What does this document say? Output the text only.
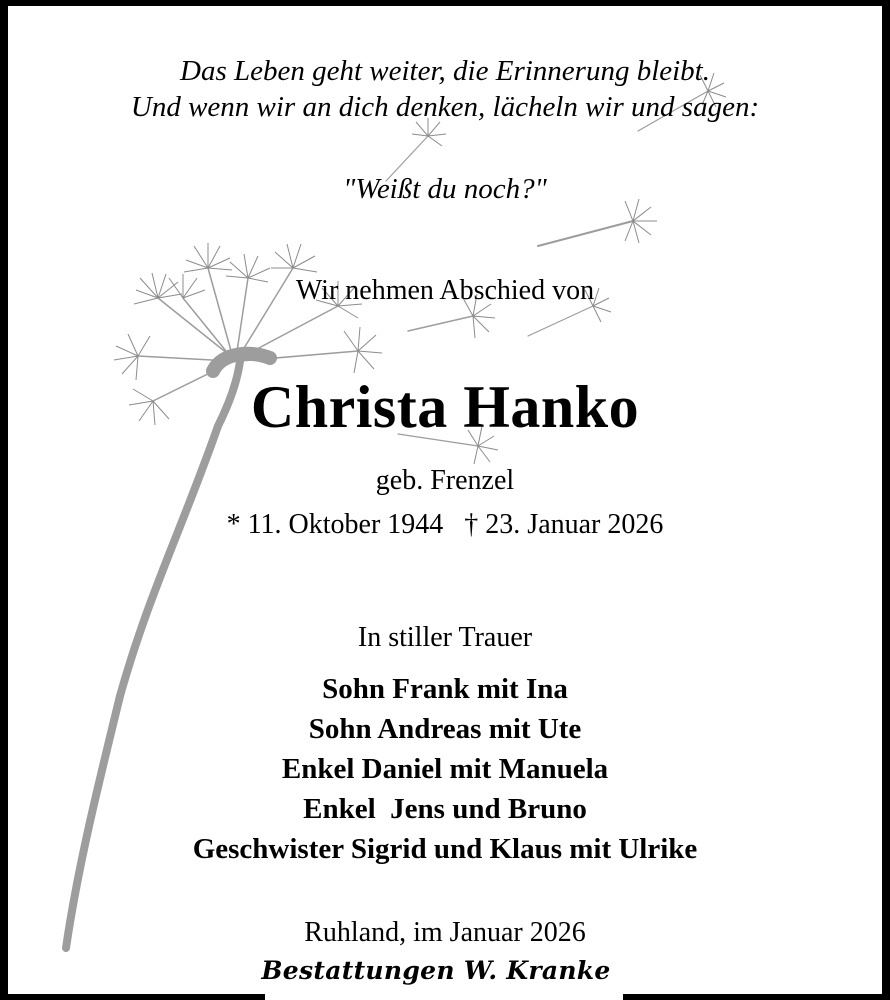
Das Leben geht weiter, die Erinnerung bleibt.
Und wenn wir an dich denken, lächeln wir und sagen:
"Weißt du noch?"
Wir nehmen Abschied von
Christa Hanko
geb. Frenzel
* 11. Oktober 1944   † 23. Januar 2026
In stiller Trauer
Sohn Frank mit Ina
Sohn Andreas mit Ute
Enkel Daniel mit Manuela
Enkel  Jens und Bruno
Geschwister Sigrid und Klaus mit Ulrike
Ruhland, im Januar 2026
Bestattungen W. Kranke
